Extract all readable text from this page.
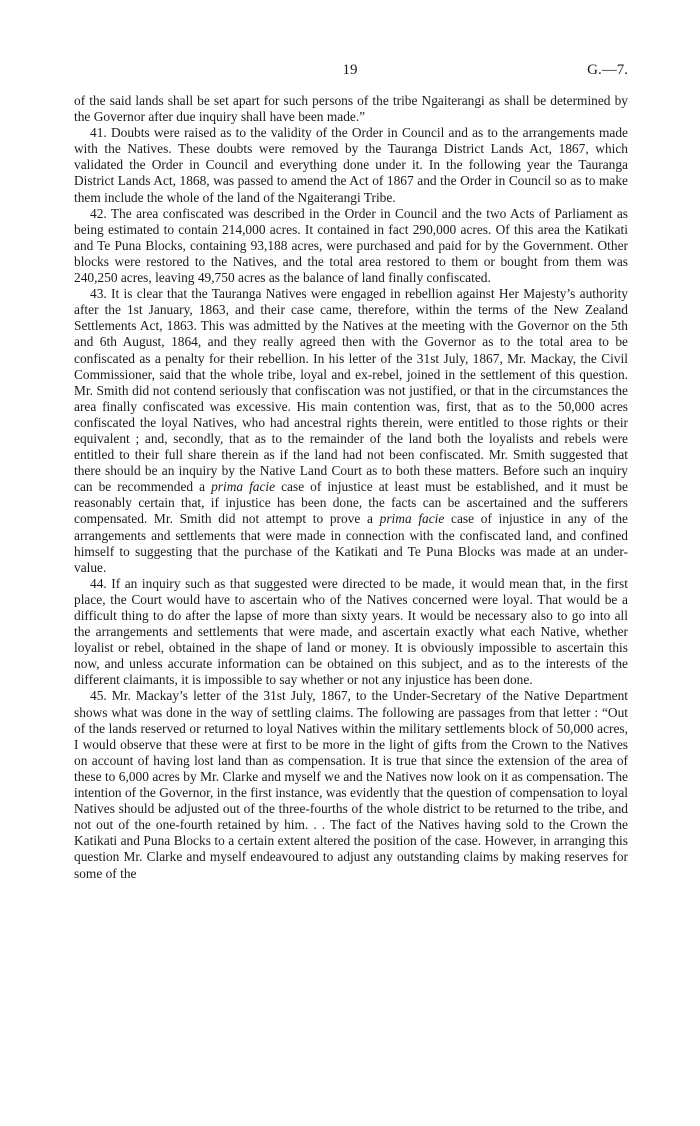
19	G.—7.

of the said lands shall be set apart for such persons of the tribe Ngaiterangi as shall be determined by the Governor after due inquiry shall have been made.”

41. Doubts were raised as to the validity of the Order in Council and as to the arrangements made with the Natives. These doubts were removed by the Tauranga District Lands Act, 1867, which validated the Order in Council and everything done under it. In the following year the Tauranga District Lands Act, 1868, was passed to amend the Act of 1867 and the Order in Council so as to make them include the whole of the land of the Ngaiterangi Tribe.

42. The area confiscated was described in the Order in Council and the two Acts of Parliament as being estimated to contain 214,000 acres. It contained in fact 290,000 acres. Of this area the Katikati and Te Puna Blocks, containing 93,188 acres, were purchased and paid for by the Government. Other blocks were restored to the Natives, and the total area restored to them or bought from them was 240,250 acres, leaving 49,750 acres as the balance of land finally confiscated.

43. It is clear that the Tauranga Natives were engaged in rebellion against Her Majesty’s authority after the 1st January, 1863, and their case came, therefore, within the terms of the New Zealand Settlements Act, 1863. This was admitted by the Natives at the meeting with the Governor on the 5th and 6th August, 1864, and they really agreed then with the Governor as to the total area to be confiscated as a penalty for their rebellion. In his letter of the 31st July, 1867, Mr. Mackay, the Civil Commissioner, said that the whole tribe, loyal and ex-rebel, joined in the settlement of this question. Mr. Smith did not contend seriously that confiscation was not justified, or that in the circumstances the area finally confiscated was excessive. His main contention was, first, that as to the 50,000 acres confiscated the loyal Natives, who had ancestral rights therein, were entitled to those rights or their equivalent ; and, secondly, that as to the remainder of the land both the loyalists and rebels were entitled to their full share therein as if the land had not been confiscated. Mr. Smith suggested that there should be an inquiry by the Native Land Court as to both these matters. Before such an inquiry can be recommended a prima facie case of injustice at least must be established, and it must be reasonably certain that, if injustice has been done, the facts can be ascertained and the sufferers compensated. Mr. Smith did not attempt to prove a prima facie case of injustice in any of the arrangements and settlements that were made in connection with the confiscated land, and confined himself to suggesting that the purchase of the Katikati and Te Puna Blocks was made at an under-value.

44. If an inquiry such as that suggested were directed to be made, it would mean that, in the first place, the Court would have to ascertain who of the Natives concerned were loyal. That would be a difficult thing to do after the lapse of more than sixty years. It would be necessary also to go into all the arrangements and settlements that were made, and ascertain exactly what each Native, whether loyalist or rebel, obtained in the shape of land or money. It is obviously impossible to ascertain this now, and unless accurate information can be obtained on this subject, and as to the interests of the different claimants, it is impossible to say whether or not any injustice has been done.

45. Mr. Mackay’s letter of the 31st July, 1867, to the Under-Secretary of the Native Department shows what was done in the way of settling claims. The following are passages from that letter : “Out of the lands reserved or returned to loyal Natives within the military settlements block of 50,000 acres, I would observe that these were at first to be more in the light of gifts from the Crown to the Natives on account of having lost land than as compensation. It is true that since the extension of the area of these to 6,000 acres by Mr. Clarke and myself we and the Natives now look on it as compensation. The intention of the Governor, in the first instance, was evidently that the question of compensation to loyal Natives should be adjusted out of the three-fourths of the whole district to be returned to the tribe, and not out of the one-fourth retained by him. . . The fact of the Natives having sold to the Crown the Katikati and Puna Blocks to a certain extent altered the position of the case. However, in arranging this question Mr. Clarke and myself endeavoured to adjust any outstanding claims by making reserves for some of the
